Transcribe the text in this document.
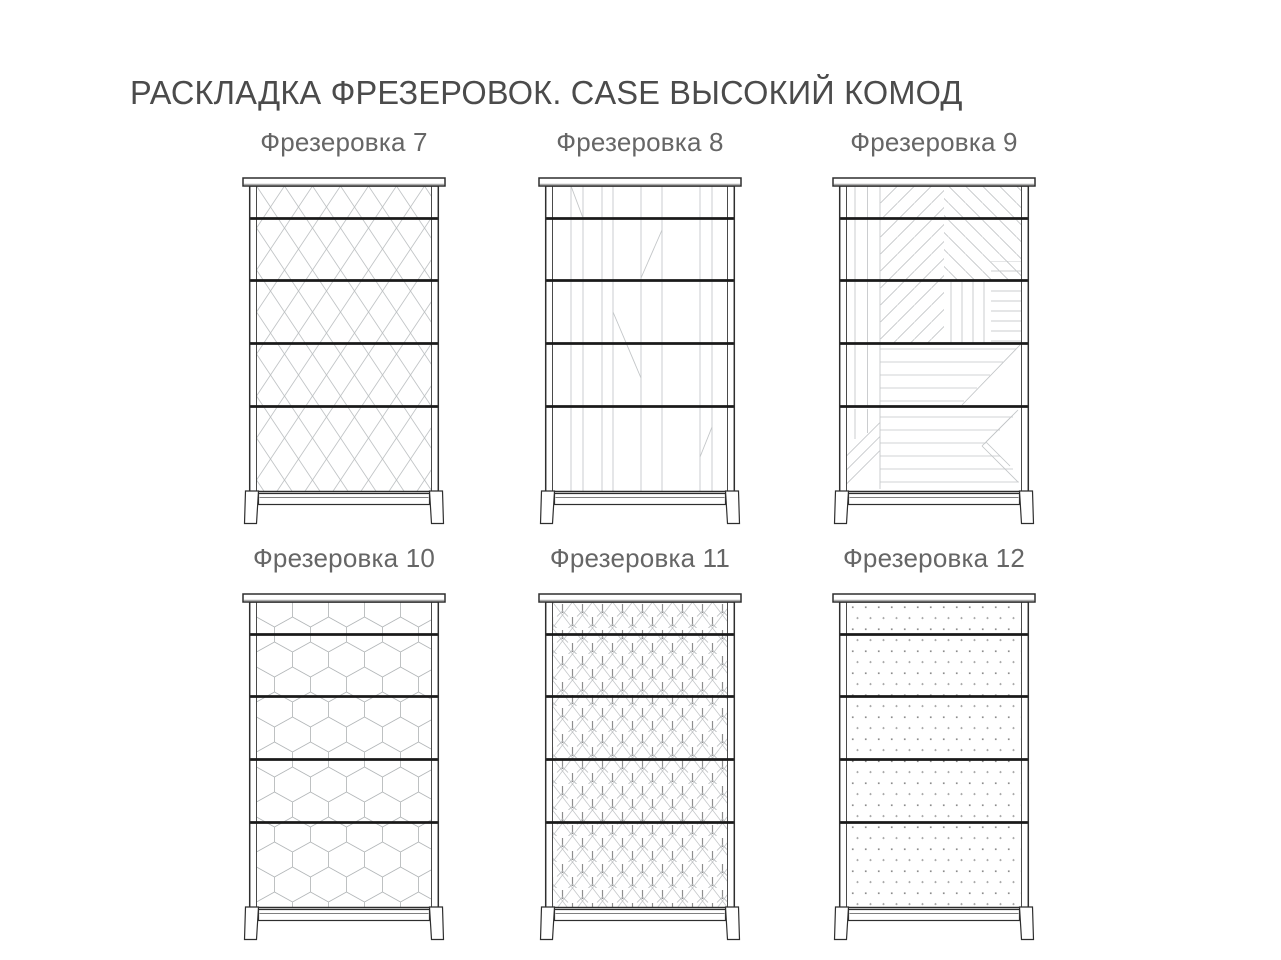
РАСКЛАДКА ФРЕЗЕРОВОК. CASE ВЫСОКИЙ КОМОД
Фрезеровка 7	Фрезеровка 8	Фрезеровка 9
Фрезеровка 10	Фрезеровка 11	Фрезеровка 12
